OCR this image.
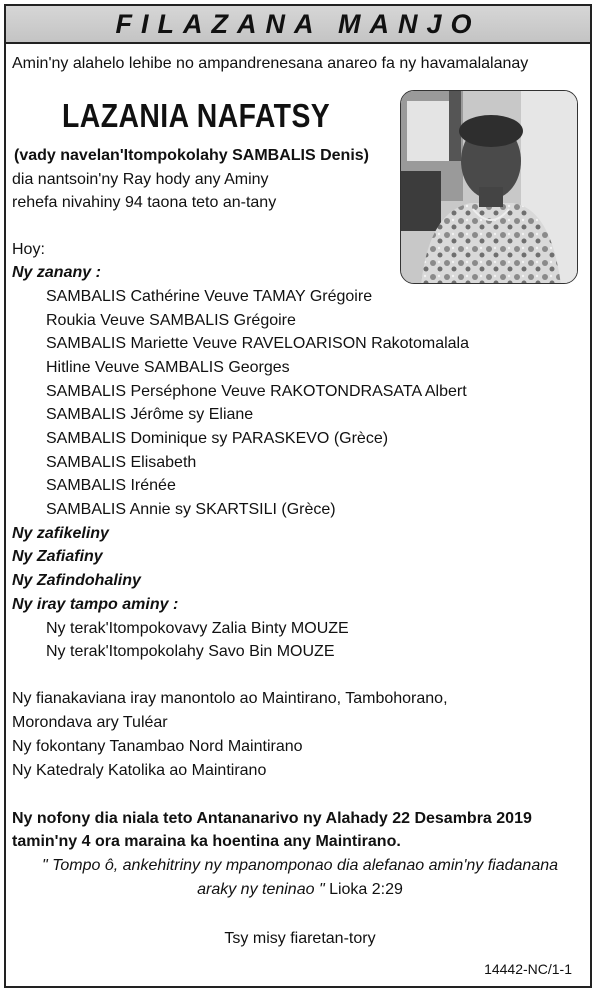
FILAZANA MANJO
Amin'ny alahelo lehibe no ampandrenesana anareo fa ny havamalalanay
LAZANIA NAFATSY
(vady navelan'Itompokolahy SAMBALIS Denis)
dia nantsoin'ny Ray hody any Aminy
rehefa nivahiny 94 taona teto an-tany
Hoy:
Ny zanany :
SAMBALIS Cathérine Veuve TAMAY Grégoire
Roukia Veuve SAMBALIS Grégoire
SAMBALIS Mariette Veuve RAVELOARISON Rakotomalala
Hitline Veuve SAMBALIS Georges
SAMBALIS Perséphone Veuve RAKOTONDRASATA Albert
SAMBALIS Jérôme sy Eliane
SAMBALIS Dominique sy PARASKEVO (Grèce)
SAMBALIS Elisabeth
SAMBALIS Irénée
SAMBALIS Annie sy SKARTSILI (Grèce)
Ny zafikeliny
Ny Zafiafiny
Ny Zafindohaliny
Ny iray tampo aminy :
Ny terak'Itompokovavy Zalia Binty MOUZE
Ny terak'Itompokolahy Savo Bin MOUZE
Ny fianakaviana iray manontolo ao Maintirano, Tambohorano,
Morondava ary Tuléar
Ny fokontany Tanambao Nord Maintirano
Ny Katedraly Katolika ao Maintirano
Ny nofony dia niala teto Antananarivo ny Alahady 22 Desambra 2019
tamin'ny 4 ora maraina ka hoentina any Maintirano.
" Tompo ô, ankehitriny ny mpanomponao dia alefanao amin'ny fiadanana
araky ny teninao " Lioka 2:29
Tsy misy fiaretan-tory
14442-NC/1-1
